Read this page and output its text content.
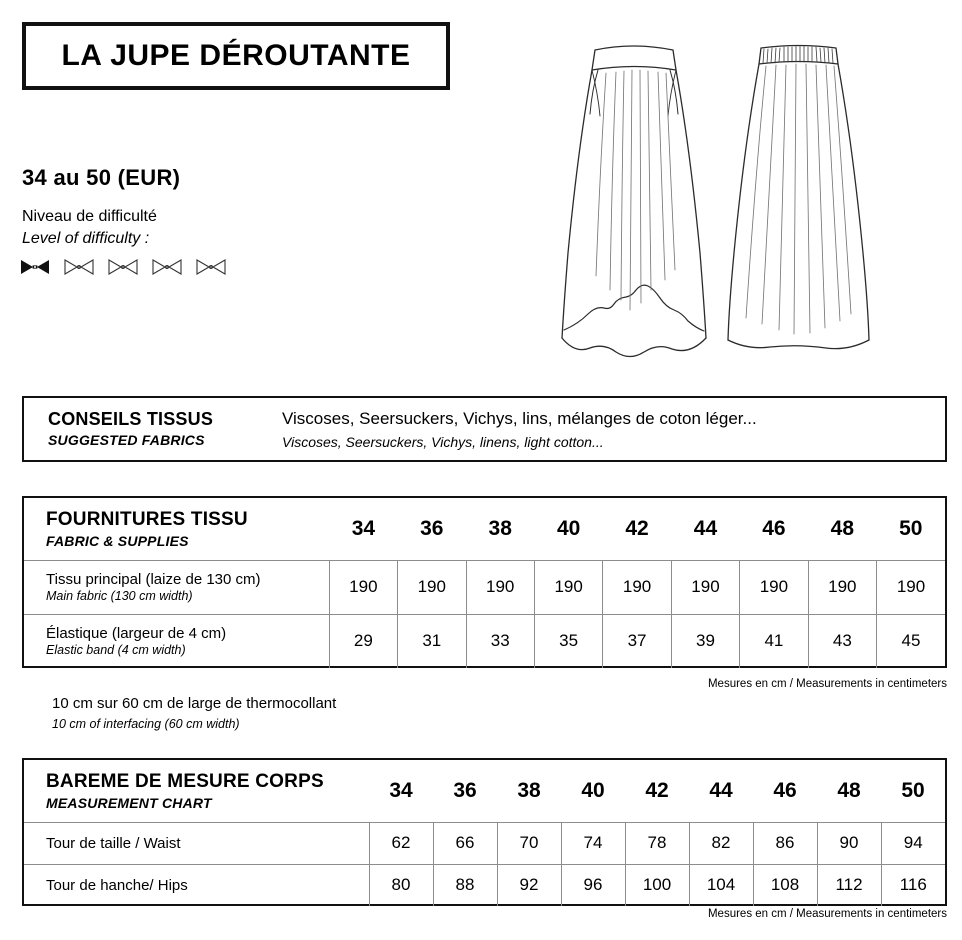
LA JUPE DÉROUTANTE
34 au 50 (EUR)
Niveau de difficulté
Level of difficulty :
CONSEILS TISSUS
SUGGESTED FABRICS
Viscoses, Seersuckers, Vichys, lins, mélanges de coton léger...
Viscoses, Seersuckers, Vichys, linens, light cotton...
FOURNITURES TISSU
FABRIC & SUPPLIES	34	36	38	40	42	44	46	48	50

Tissu principal (laize de 130 cm)
Main fabric (130 cm width)	190	190	190	190	190	190	190	190	190

Élastique (largeur de 4 cm)
Elastic band (4 cm width)	29	31	33	35	37	39	41	43	45
Mesures en cm / Measurements in centimeters
10 cm sur 60 cm de large de thermocollant
10 cm of interfacing (60 cm width)
BAREME DE MESURE CORPS
MEASUREMENT CHART	34	36	38	40	42	44	46	48	50
Tour de taille / Waist	62	66	70	74	78	82	86	90	94
Tour de hanche/ Hips	80	88	92	96	100	104	108	112	116
Mesures en cm / Measurements in centimeters
